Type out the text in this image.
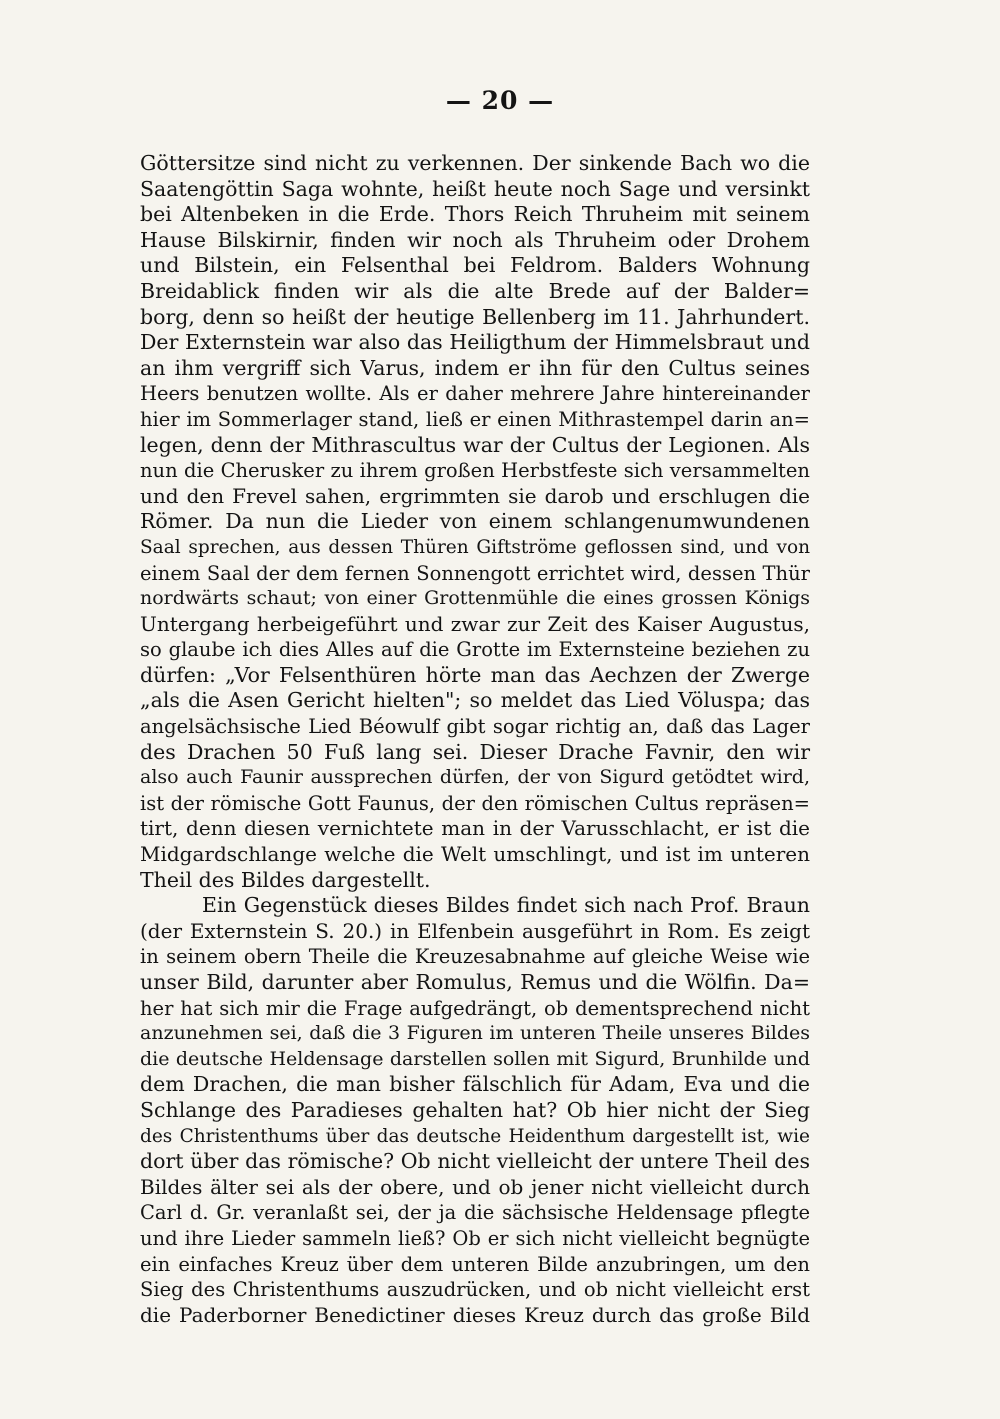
— 20 —
Göttersitze sind nicht zu verkennen. Der sinkende Bach wo die
Saatengöttin Saga wohnte, heißt heute noch Sage und versinkt
bei Altenbeken in die Erde. Thors Reich Thruheim mit seinem
Hause Bilskirnir, finden wir noch als Thruheim oder Drohem
und Bilstein, ein Felsenthal bei Feldrom. Balders Wohnung
Breidablick finden wir als die alte Brede auf der Balder=
borg, denn so heißt der heutige Bellenberg im 11. Jahrhundert.
Der Externstein war also das Heiligthum der Himmelsbraut und
an ihm vergriff sich Varus, indem er ihn für den Cultus seines
Heers benutzen wollte. Als er daher mehrere Jahre hintereinander
hier im Sommerlager stand, ließ er einen Mithrastempel darin an=
legen, denn der Mithrascultus war der Cultus der Legionen. Als
nun die Cherusker zu ihrem großen Herbstfeste sich versammelten
und den Frevel sahen, ergrimmten sie darob und erschlugen die
Römer. Da nun die Lieder von einem schlangenumwundenen
Saal sprechen, aus dessen Thüren Giftströme geflossen sind, und von
einem Saal der dem fernen Sonnengott errichtet wird, dessen Thür
nordwärts schaut; von einer Grottenmühle die eines grossen Königs
Untergang herbeigeführt und zwar zur Zeit des Kaiser Augustus,
so glaube ich dies Alles auf die Grotte im Externsteine beziehen zu
dürfen: „Vor Felsenthüren hörte man das Aechzen der Zwerge
„als die Asen Gericht hielten"; so meldet das Lied Völuspa; das
angelsächsische Lied Béowulf gibt sogar richtig an, daß das Lager
des Drachen 50 Fuß lang sei. Dieser Drache Favnir, den wir
also auch Faunir aussprechen dürfen, der von Sigurd getödtet wird,
ist der römische Gott Faunus, der den römischen Cultus repräsen=
tirt, denn diesen vernichtete man in der Varusschlacht, er ist die
Midgardschlange welche die Welt umschlingt, und ist im unteren
Theil des Bildes dargestellt.
Ein Gegenstück dieses Bildes findet sich nach Prof. Braun
(der Externstein S. 20.) in Elfenbein ausgeführt in Rom. Es zeigt
in seinem obern Theile die Kreuzesabnahme auf gleiche Weise wie
unser Bild, darunter aber Romulus, Remus und die Wölfin. Da=
her hat sich mir die Frage aufgedrängt, ob dementsprechend nicht
anzunehmen sei, daß die 3 Figuren im unteren Theile unseres Bildes
die deutsche Heldensage darstellen sollen mit Sigurd, Brunhilde und
dem Drachen, die man bisher fälschlich für Adam, Eva und die
Schlange des Paradieses gehalten hat? Ob hier nicht der Sieg
des Christenthums über das deutsche Heidenthum dargestellt ist, wie
dort über das römische? Ob nicht vielleicht der untere Theil des
Bildes älter sei als der obere, und ob jener nicht vielleicht durch
Carl d. Gr. veranlaßt sei, der ja die sächsische Heldensage pflegte
und ihre Lieder sammeln ließ? Ob er sich nicht vielleicht begnügte
ein einfaches Kreuz über dem unteren Bilde anzubringen, um den
Sieg des Christenthums auszudrücken, und ob nicht vielleicht erst
die Paderborner Benedictiner dieses Kreuz durch das große Bild
